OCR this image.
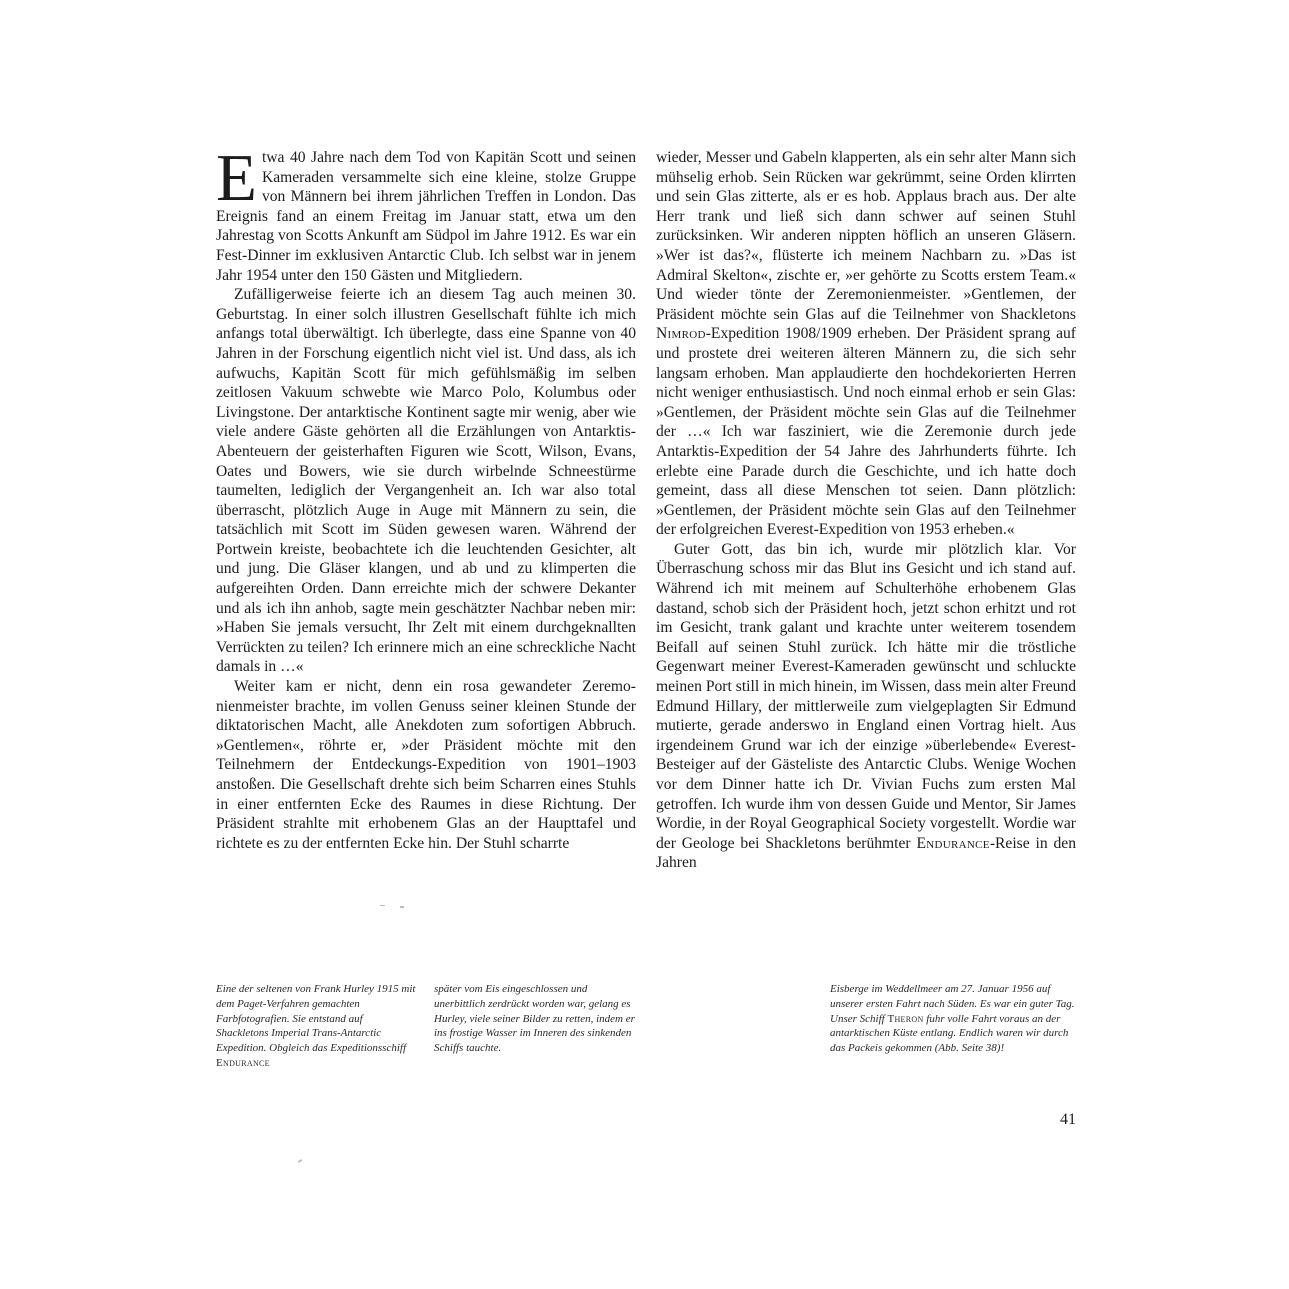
Etwa 40 Jahre nach dem Tod von Kapitän Scott und seinen Kameraden versammelte sich eine kleine, stolze Gruppe von Männern bei ihrem jährlichen Treffen in London. Das Ereignis fand an einem Freitag im Januar statt, etwa um den Jahrestag von Scotts Ankunft am Südpol im Jahre 1912. Es war ein Fest-Dinner im exklusiven Antarctic Club. Ich selbst war in jenem Jahr 1954 unter den 150 Gästen und Mitgliedern.

Zufälligerweise feierte ich an diesem Tag auch meinen 30. Geburtstag. In einer solch illustren Gesellschaft fühlte ich mich anfangs total überwältigt. Ich überlegte, dass eine Spanne von 40 Jahren in der Forschung eigentlich nicht viel ist. Und dass, als ich aufwuchs, Kapitän Scott für mich gefühlsmäßig im selben zeitlosen Vakuum schwebte wie Marco Polo, Kolumbus oder Livingstone. Der antarktische Kontinent sagte mir wenig, aber wie viele andere Gäste gehörten all die Erzählungen von Antarktis-Abenteuern der geisterhaften Figuren wie Scott, Wilson, Evans, Oates und Bowers, wie sie durch wirbelnde Schneestürme taumelten, lediglich der Vergangenheit an. Ich war also total überrascht, plötzlich Auge in Auge mit Männern zu sein, die tatsächlich mit Scott im Süden gewesen waren. Während der Portwein kreiste, beobachtete ich die leuchtenden Gesichter, alt und jung. Die Gläser klangen, und ab und zu klimperten die aufgereihten Orden. Dann erreichte mich der schwere Dekanter und als ich ihn anhob, sagte mein geschätzter Nachbar neben mir: »Haben Sie jemals versucht, Ihr Zelt mit einem durchgeknallten Verrückten zu teilen? Ich erinnere mich an eine schreckliche Nacht damals in …«

Weiter kam er nicht, denn ein rosa gewandeter Zeremonienmeister brachte, im vollen Genuss seiner kleinen Stunde der diktatorischen Macht, alle Anekdoten zum sofortigen Abbruch. »Gentlemen«, röhrte er, »der Präsident möchte mit den Teilnehmern der Entdeckungs-Expedition von 1901–1903 anstoßen. Die Gesellschaft drehte sich beim Scharren eines Stuhls in einer entfernten Ecke des Raumes in diese Richtung. Der Präsident strahlte mit erhobenem Glas an der Haupttafel und richtete es zu der entfernten Ecke hin. Der Stuhl scharrte

wieder, Messer und Gabeln klapperten, als ein sehr alter Mann sich mühselig erhob. Sein Rücken war gekrümmt, seine Orden klirrten und sein Glas zitterte, als er es hob. Applaus brach aus. Der alte Herr trank und ließ sich dann schwer auf seinen Stuhl zurücksinken. Wir anderen nippten höflich an unseren Gläsern. »Wer ist das?«, flüsterte ich meinem Nachbarn zu. »Das ist Admiral Skelton«, zischte er, »er gehörte zu Scotts erstem Team.« Und wieder tönte der Zeremonienmeister. »Gentlemen, der Präsident möchte sein Glas auf die Teilnehmer von Shackletons Nimrod-Expedition 1908/1909 erheben. Der Präsident sprang auf und prostete drei weiteren älteren Männern zu, die sich sehr langsam erhoben. Man applaudierte den hochdekorierten Herren nicht weniger enthusiastisch. Und noch einmal erhob er sein Glas: »Gentlemen, der Präsident möchte sein Glas auf die Teilnehmer der …« Ich war fasziniert, wie die Zeremonie durch jede Antarktis-Expedition der 54 Jahre des Jahrhunderts führte. Ich erlebte eine Parade durch die Geschichte, und ich hatte doch gemeint, dass all diese Menschen tot seien. Dann plötzlich: »Gentlemen, der Präsident möchte sein Glas auf den Teilnehmer der erfolgreichen Everest-Expedition von 1953 erheben.«

Guter Gott, das bin ich, wurde mir plötzlich klar. Vor Überraschung schoss mir das Blut ins Gesicht und ich stand auf. Während ich mit meinem auf Schulterhöhe erhobenem Glas dastand, schob sich der Präsident hoch, jetzt schon erhitzt und rot im Gesicht, trank galant und krachte unter weiterem tosendem Beifall auf seinen Stuhl zurück. Ich hätte mir die tröstliche Gegenwart meiner Everest-Kameraden gewünscht und schluckte meinen Port still in mich hinein, im Wissen, dass mein alter Freund Edmund Hillary, der mittlerweile zum vielgeplagten Sir Edmund mutierte, gerade anderswo in England einen Vortrag hielt. Aus irgendeinem Grund war ich der einzige »überlebende« Everest-Besteiger auf der Gästeliste des Antarctic Clubs. Wenige Wochen vor dem Dinner hatte ich Dr. Vivian Fuchs zum ersten Mal getroffen. Ich wurde ihm von dessen Guide und Mentor, Sir James Wordie, in der Royal Geographical Society vorgestellt. Wordie war der Geologe bei Shackletons berühmter Endurance-Reise in den Jahren

Eine der seltenen von Frank Hurley 1915 mit dem Paget-Verfahren gemachten Farbfotografien. Sie entstand auf Shackletons Imperial Trans-Antarctic Expedition. Obgleich das Expeditionsschiff Endurance
später vom Eis eingeschlossen und unerbittlich zerdrückt worden war, gelang es Hurley, viele seiner Bilder zu retten, indem er ins frostige Wasser im Inneren des sinkenden Schiffs tauchte.
Eisberge im Weddellmeer am 27. Januar 1956 auf unserer ersten Fahrt nach Süden. Es war ein guter Tag. Unser Schiff Theron fuhr volle Fahrt voraus an der antarktischen Küste entlang. Endlich waren wir durch das Packeis gekommen (Abb. Seite 38)!
41
